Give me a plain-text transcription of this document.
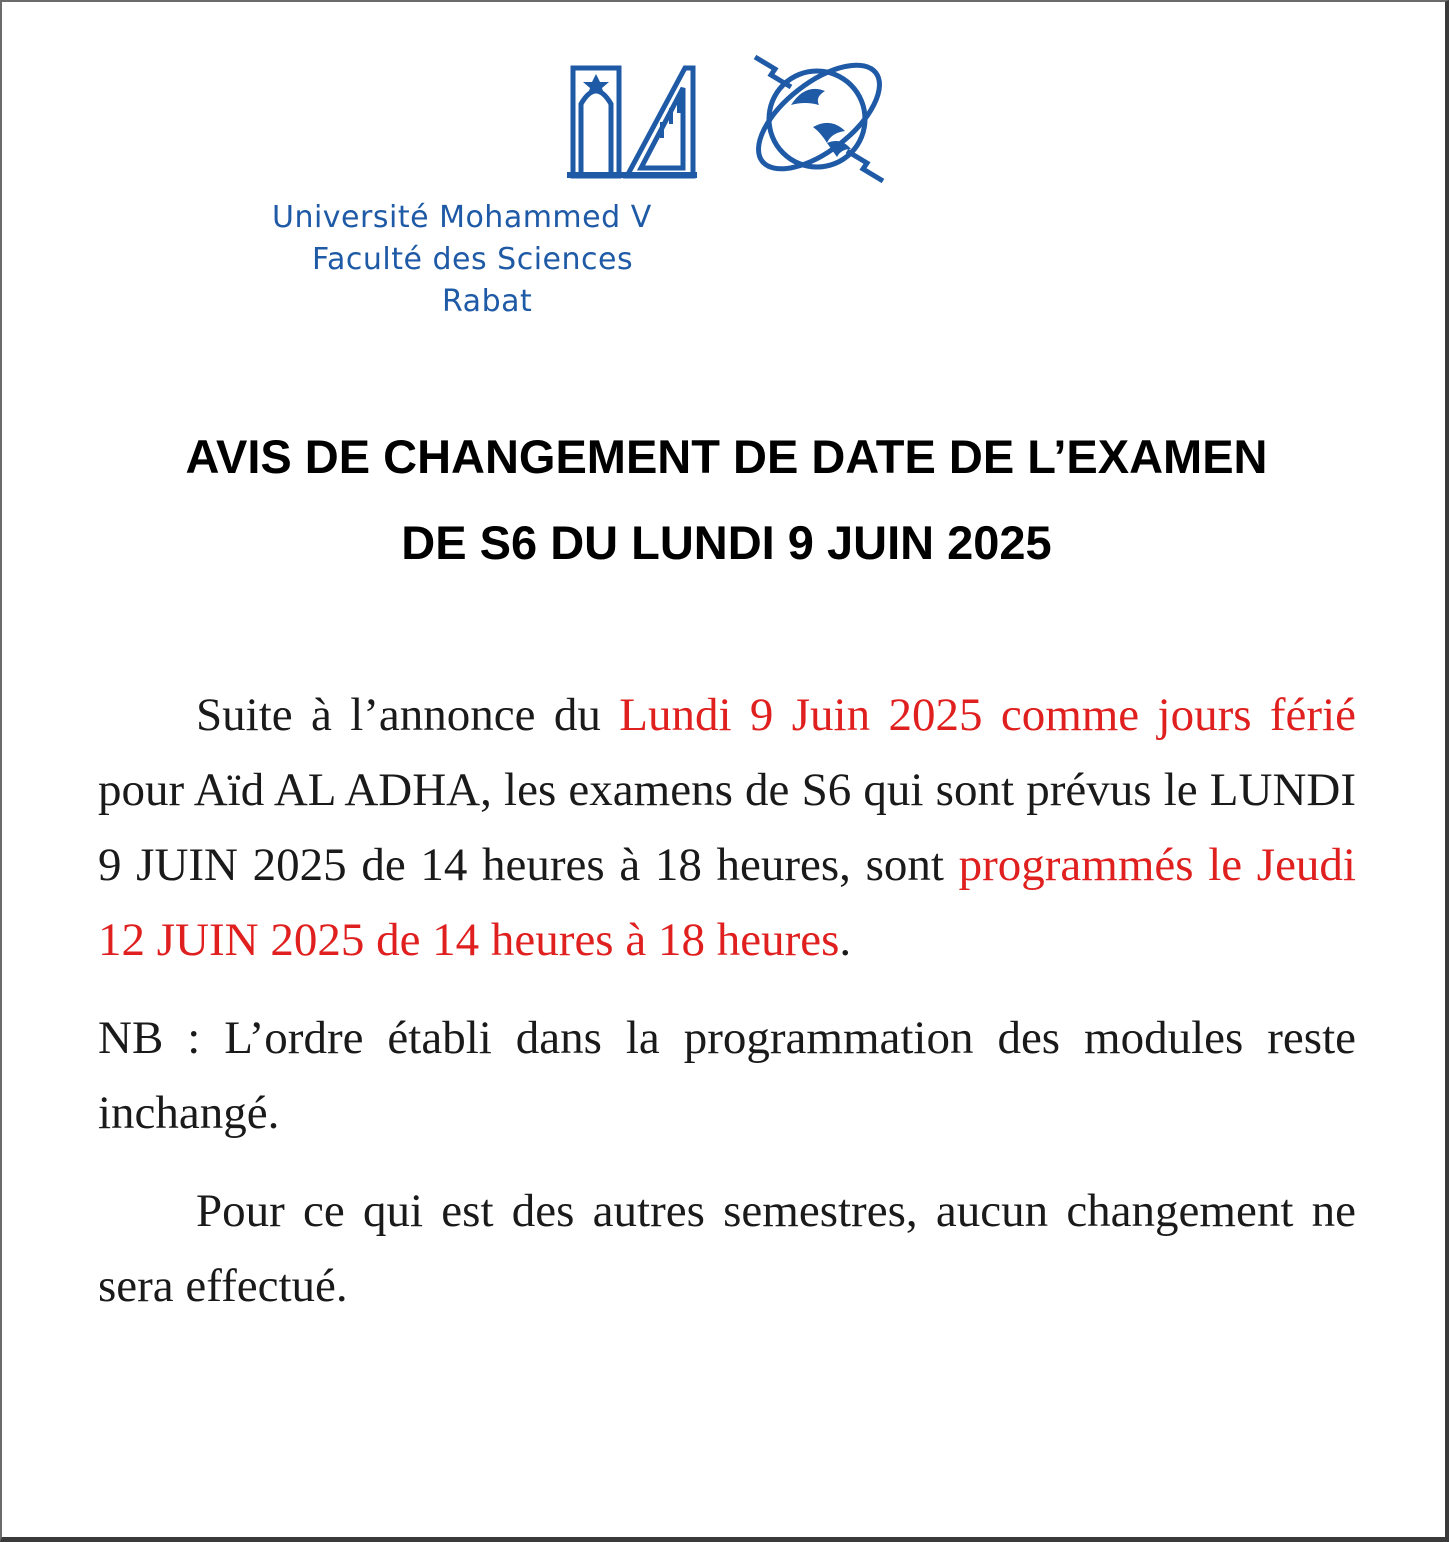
Université Mohammed V
Faculté des Sciences
Rabat
AVIS DE CHANGEMENT DE DATE DE L’EXAMEN
DE S6 DU LUNDI 9 JUIN 2025

Suite à l’annonce du Lundi 9 Juin 2025 comme jours férié pour Aïd AL ADHA, les examens de S6 qui sont prévus le LUNDI 9 JUIN 2025 de 14 heures à 18 heures, sont programmés le Jeudi 12 JUIN 2025 de 14 heures à 18 heures.

NB : L’ordre établi dans la programmation des modules reste inchangé.

Pour ce qui est des autres semestres, aucun changement ne sera effectué.
